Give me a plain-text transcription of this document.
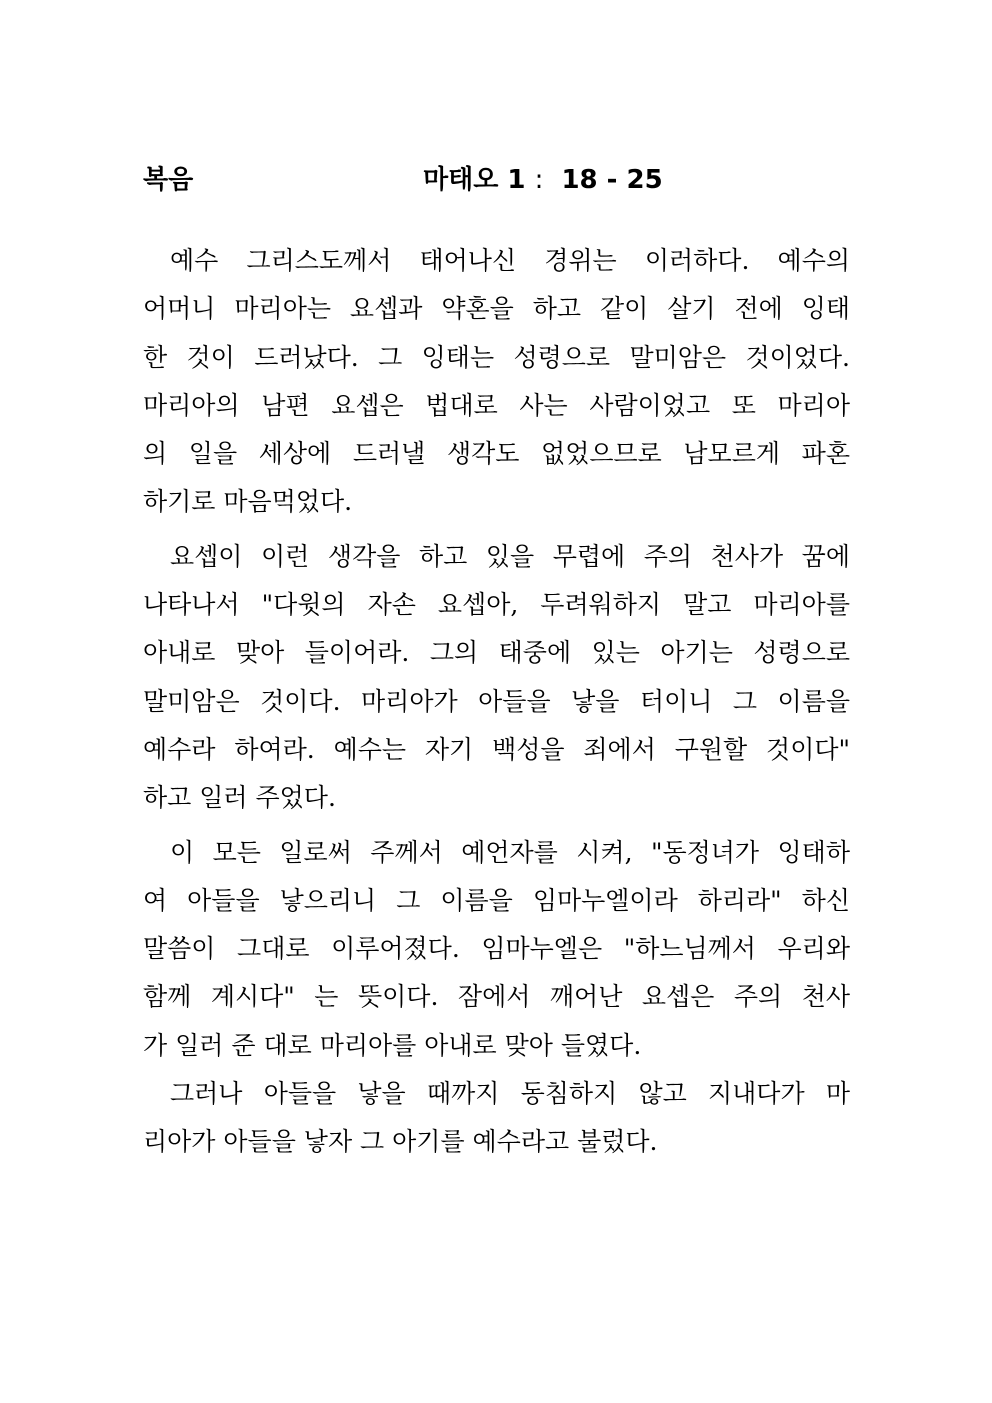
복음	마태오 1 : 18 - 25
예수 그리스도께서 태어나신 경위는 이러하다. 예수의
어머니 마리아는 요셉과 약혼을 하고 같이 살기 전에 잉태
한 것이 드러났다. 그 잉태는 성령으로 말미암은 것이었다.
마리아의 남편 요셉은 법대로 사는 사람이었고 또 마리아
의 일을 세상에 드러낼 생각도 없었으므로 남모르게 파혼
하기로 마음먹었다.
요셉이 이런 생각을 하고 있을 무렵에 주의 천사가 꿈에
나타나서 "다윗의 자손 요셉아, 두려워하지 말고 마리아를
아내로 맞아 들이어라. 그의 태중에 있는 아기는 성령으로
말미암은 것이다. 마리아가 아들을 낳을 터이니 그 이름을
예수라 하여라. 예수는 자기 백성을 죄에서 구원할 것이다"
하고 일러 주었다.
이 모든 일로써 주께서 예언자를 시켜, "동정녀가 잉태하
여 아들을 낳으리니 그 이름을 임마누엘이라 하리라" 하신
말씀이 그대로 이루어졌다. 임마누엘은 "하느님께서 우리와
함께 계시다" 는 뜻이다. 잠에서 깨어난 요셉은 주의 천사
가 일러 준 대로 마리아를 아내로 맞아 들였다.
그러나 아들을 낳을 때까지 동침하지 않고 지내다가 마
리아가 아들을 낳자 그 아기를 예수라고 불렀다.
